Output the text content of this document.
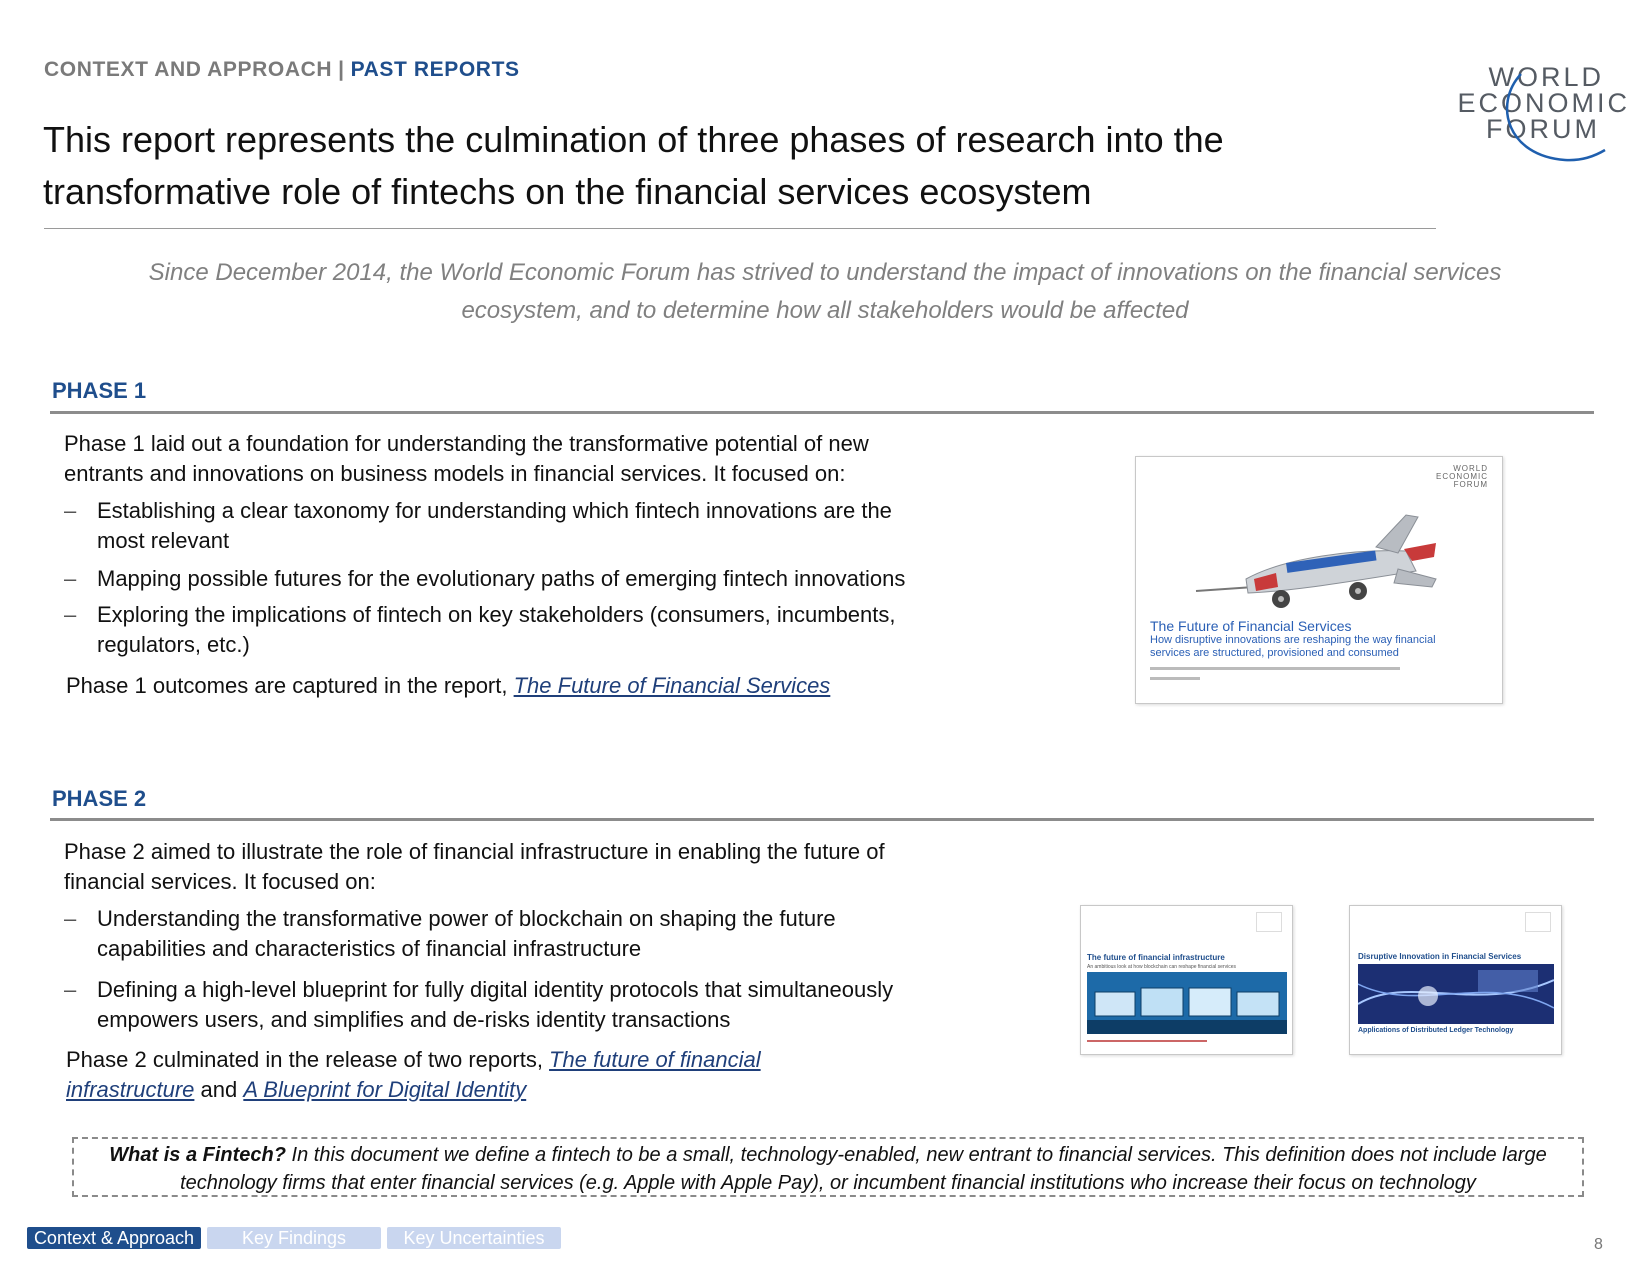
CONTEXT AND APPROACH | PAST REPORTS
This report represents the culmination of three phases of research into the transformative role of fintechs on the financial services ecosystem
WORLD
ECONOMIC
FORUM
Since December 2014, the World Economic Forum has strived to understand the impact of innovations on the financial services ecosystem, and to determine how all stakeholders would be affected
PHASE 1
Phase 1 laid out a foundation for understanding the transformative potential of new entrants and innovations on business models in financial services. It focused on:
– Establishing a clear taxonomy for understanding which fintech innovations are the most relevant
– Mapping possible futures for the evolutionary paths of emerging fintech innovations
– Exploring the implications of fintech on key stakeholders (consumers, incumbents, regulators, etc.)
Phase 1 outcomes are captured in the report, The Future of Financial Services
WORLD
ECONOMIC
FORUM
The Future of Financial Services
How disruptive innovations are reshaping the way financial services are structured, provisioned and consumed
PHASE 2
Phase 2 aimed to illustrate the role of financial infrastructure in enabling the future of financial services. It focused on:
– Understanding the transformative power of blockchain on shaping the future capabilities and characteristics of financial infrastructure
– Defining a high-level blueprint for fully digital identity protocols that simultaneously empowers users, and simplifies and de-risks identity transactions
Phase 2 culminated in the release of two reports, The future of financial infrastructure and A Blueprint for Digital Identity
The future of financial infrastructure
An ambitious look at how blockchain can reshape financial services
Disruptive Innovation in Financial Services
Applications of Distributed Ledger Technology
What is a Fintech? In this document we define a fintech to be a small, technology-enabled, new entrant to financial services. This definition does not include large technology firms that enter financial services (e.g. Apple with Apple Pay), or incumbent financial institutions who increase their focus on technology
Context & Approach	Key Findings	Key Uncertainties	8
